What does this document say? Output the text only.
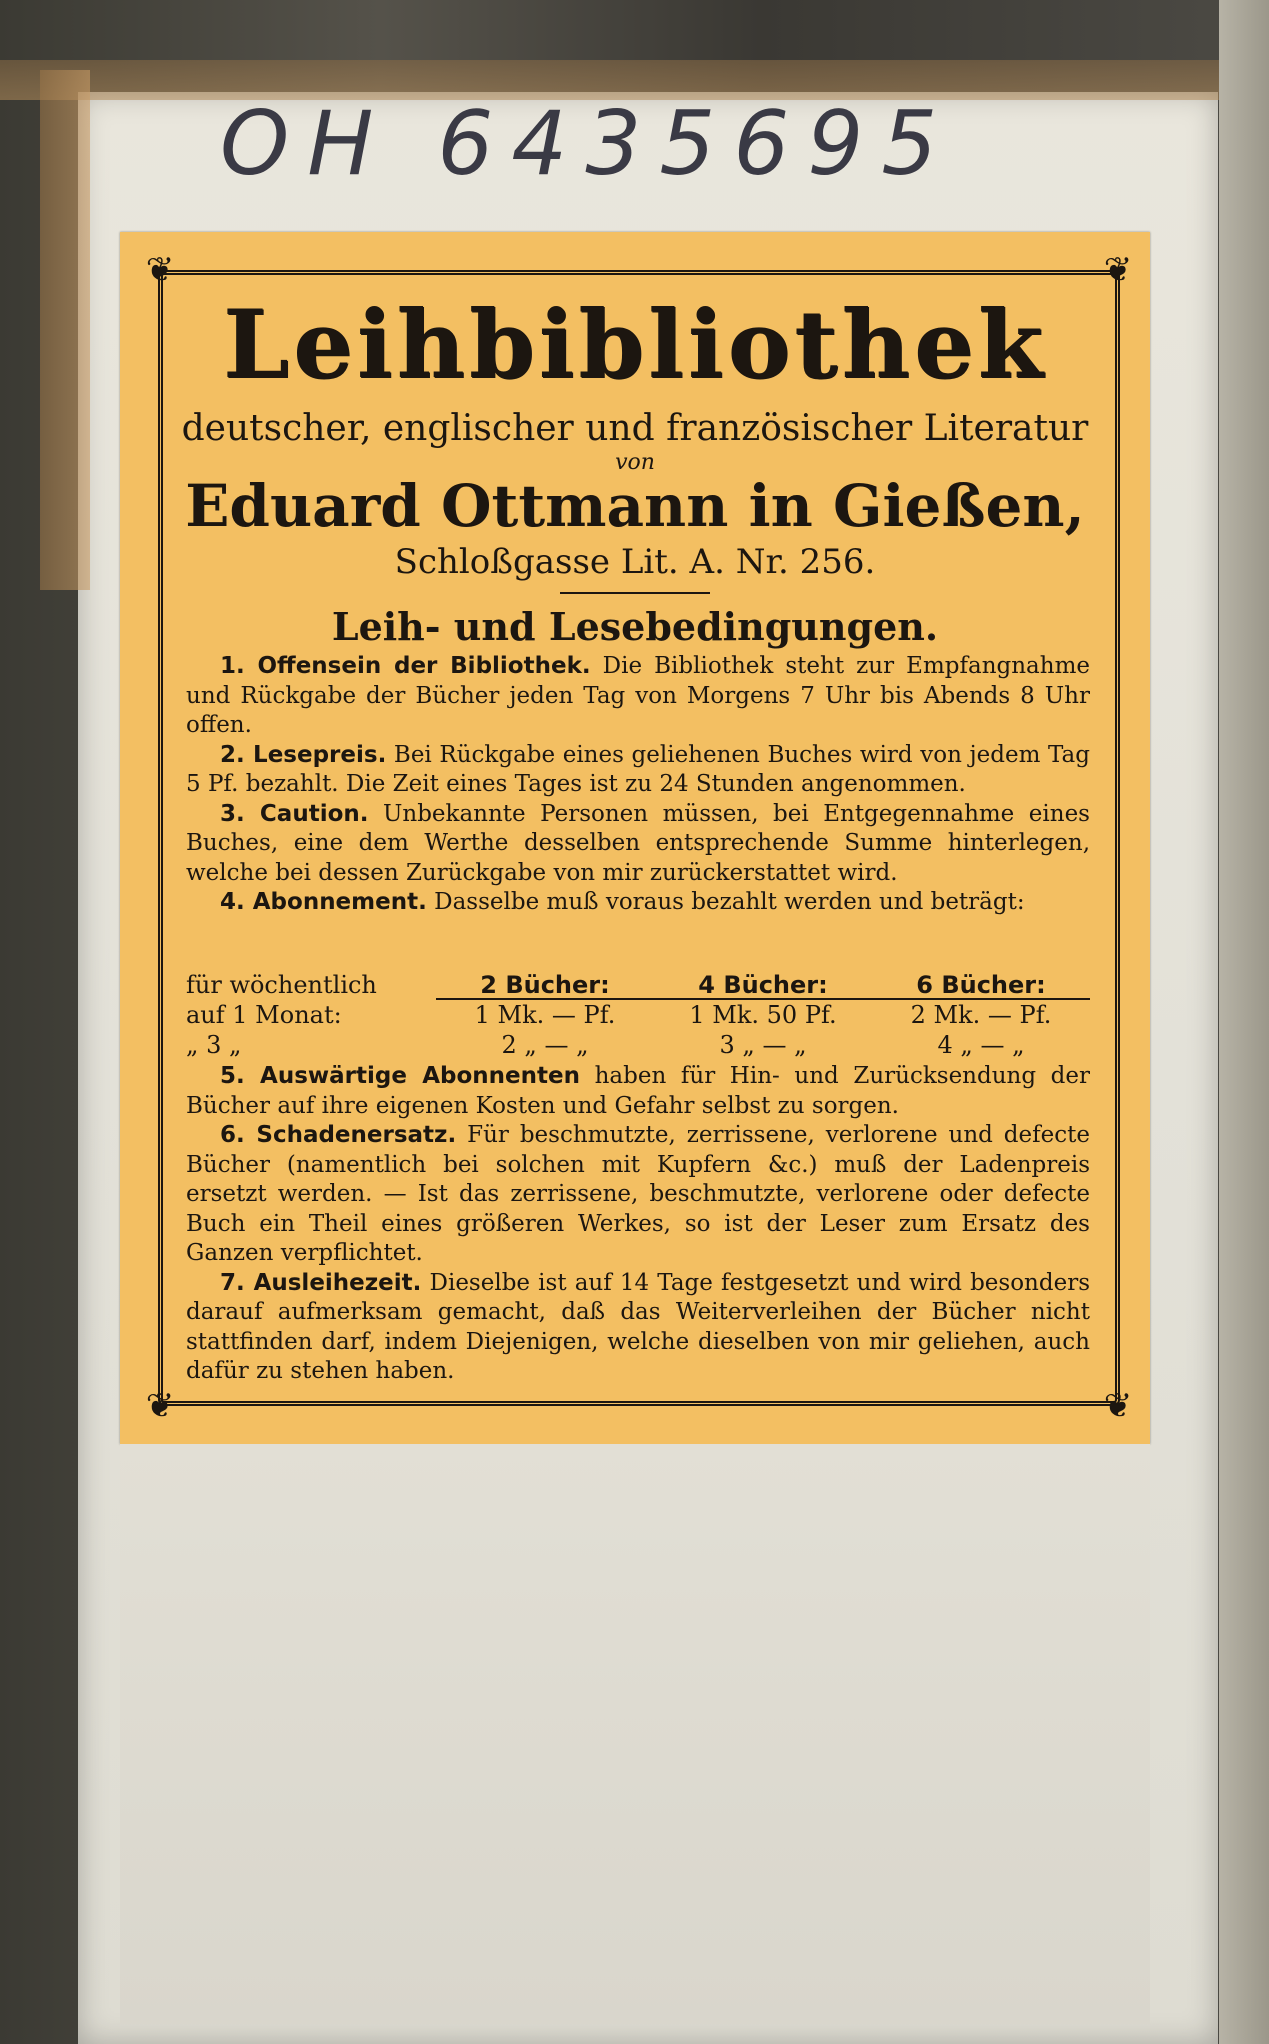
OH 6435695
❦	❦
❦	❦
Leihbibliothek
deutscher, englischer und französischer Literatur
von
Eduard Ottmann in Gießen,
Schloßgasse Lit. A. Nr. 256.
Leih- und Lesebedingungen.

1. Offensein der Bibliothek. Die Bibliothek steht zur Empfangnahme und Rückgabe der Bücher jeden Tag von Morgens 7 Uhr bis Abends 8 Uhr offen.

2. Lesepreis. Bei Rückgabe eines geliehenen Buches wird von jedem Tag 5 Pf. bezahlt. Die Zeit eines Tages ist zu 24 Stunden angenommen.

3. Caution. Unbekannte Personen müssen, bei Entgegennahme eines Buches, eine dem Werthe desselben entsprechende Summe hinterlegen, welche bei dessen Zurückgabe von mir zurückerstattet wird.

4. Abonnement. Dasselbe muß voraus bezahlt werden und beträgt:

für wöchentlich	2 Bücher:	4 Bücher:	6 Bücher:
auf 1 Monat:	1 Mk. — Pf.	1 Mk. 50 Pf.	2 Mk. — Pf.
„ 3 „	2 „ — „	3 „ — „	4 „ — „

5. Auswärtige Abonnenten haben für Hin- und Zurücksendung der Bücher auf ihre eigenen Kosten und Gefahr selbst zu sorgen.

6. Schadenersatz. Für beschmutzte, zerrissene, verlorene und defecte Bücher (namentlich bei solchen mit Kupfern &c.) muß der Ladenpreis ersetzt werden. — Ist das zerrissene, beschmutzte, verlorene oder defecte Buch ein Theil eines größeren Werkes, so ist der Leser zum Ersatz des Ganzen verpflichtet.

7. Ausleihezeit. Dieselbe ist auf 14 Tage festgesetzt und wird besonders darauf aufmerksam gemacht, daß das Weiterverleihen der Bücher nicht stattfinden darf, indem Diejenigen, welche dieselben von mir geliehen, auch dafür zu stehen haben.
